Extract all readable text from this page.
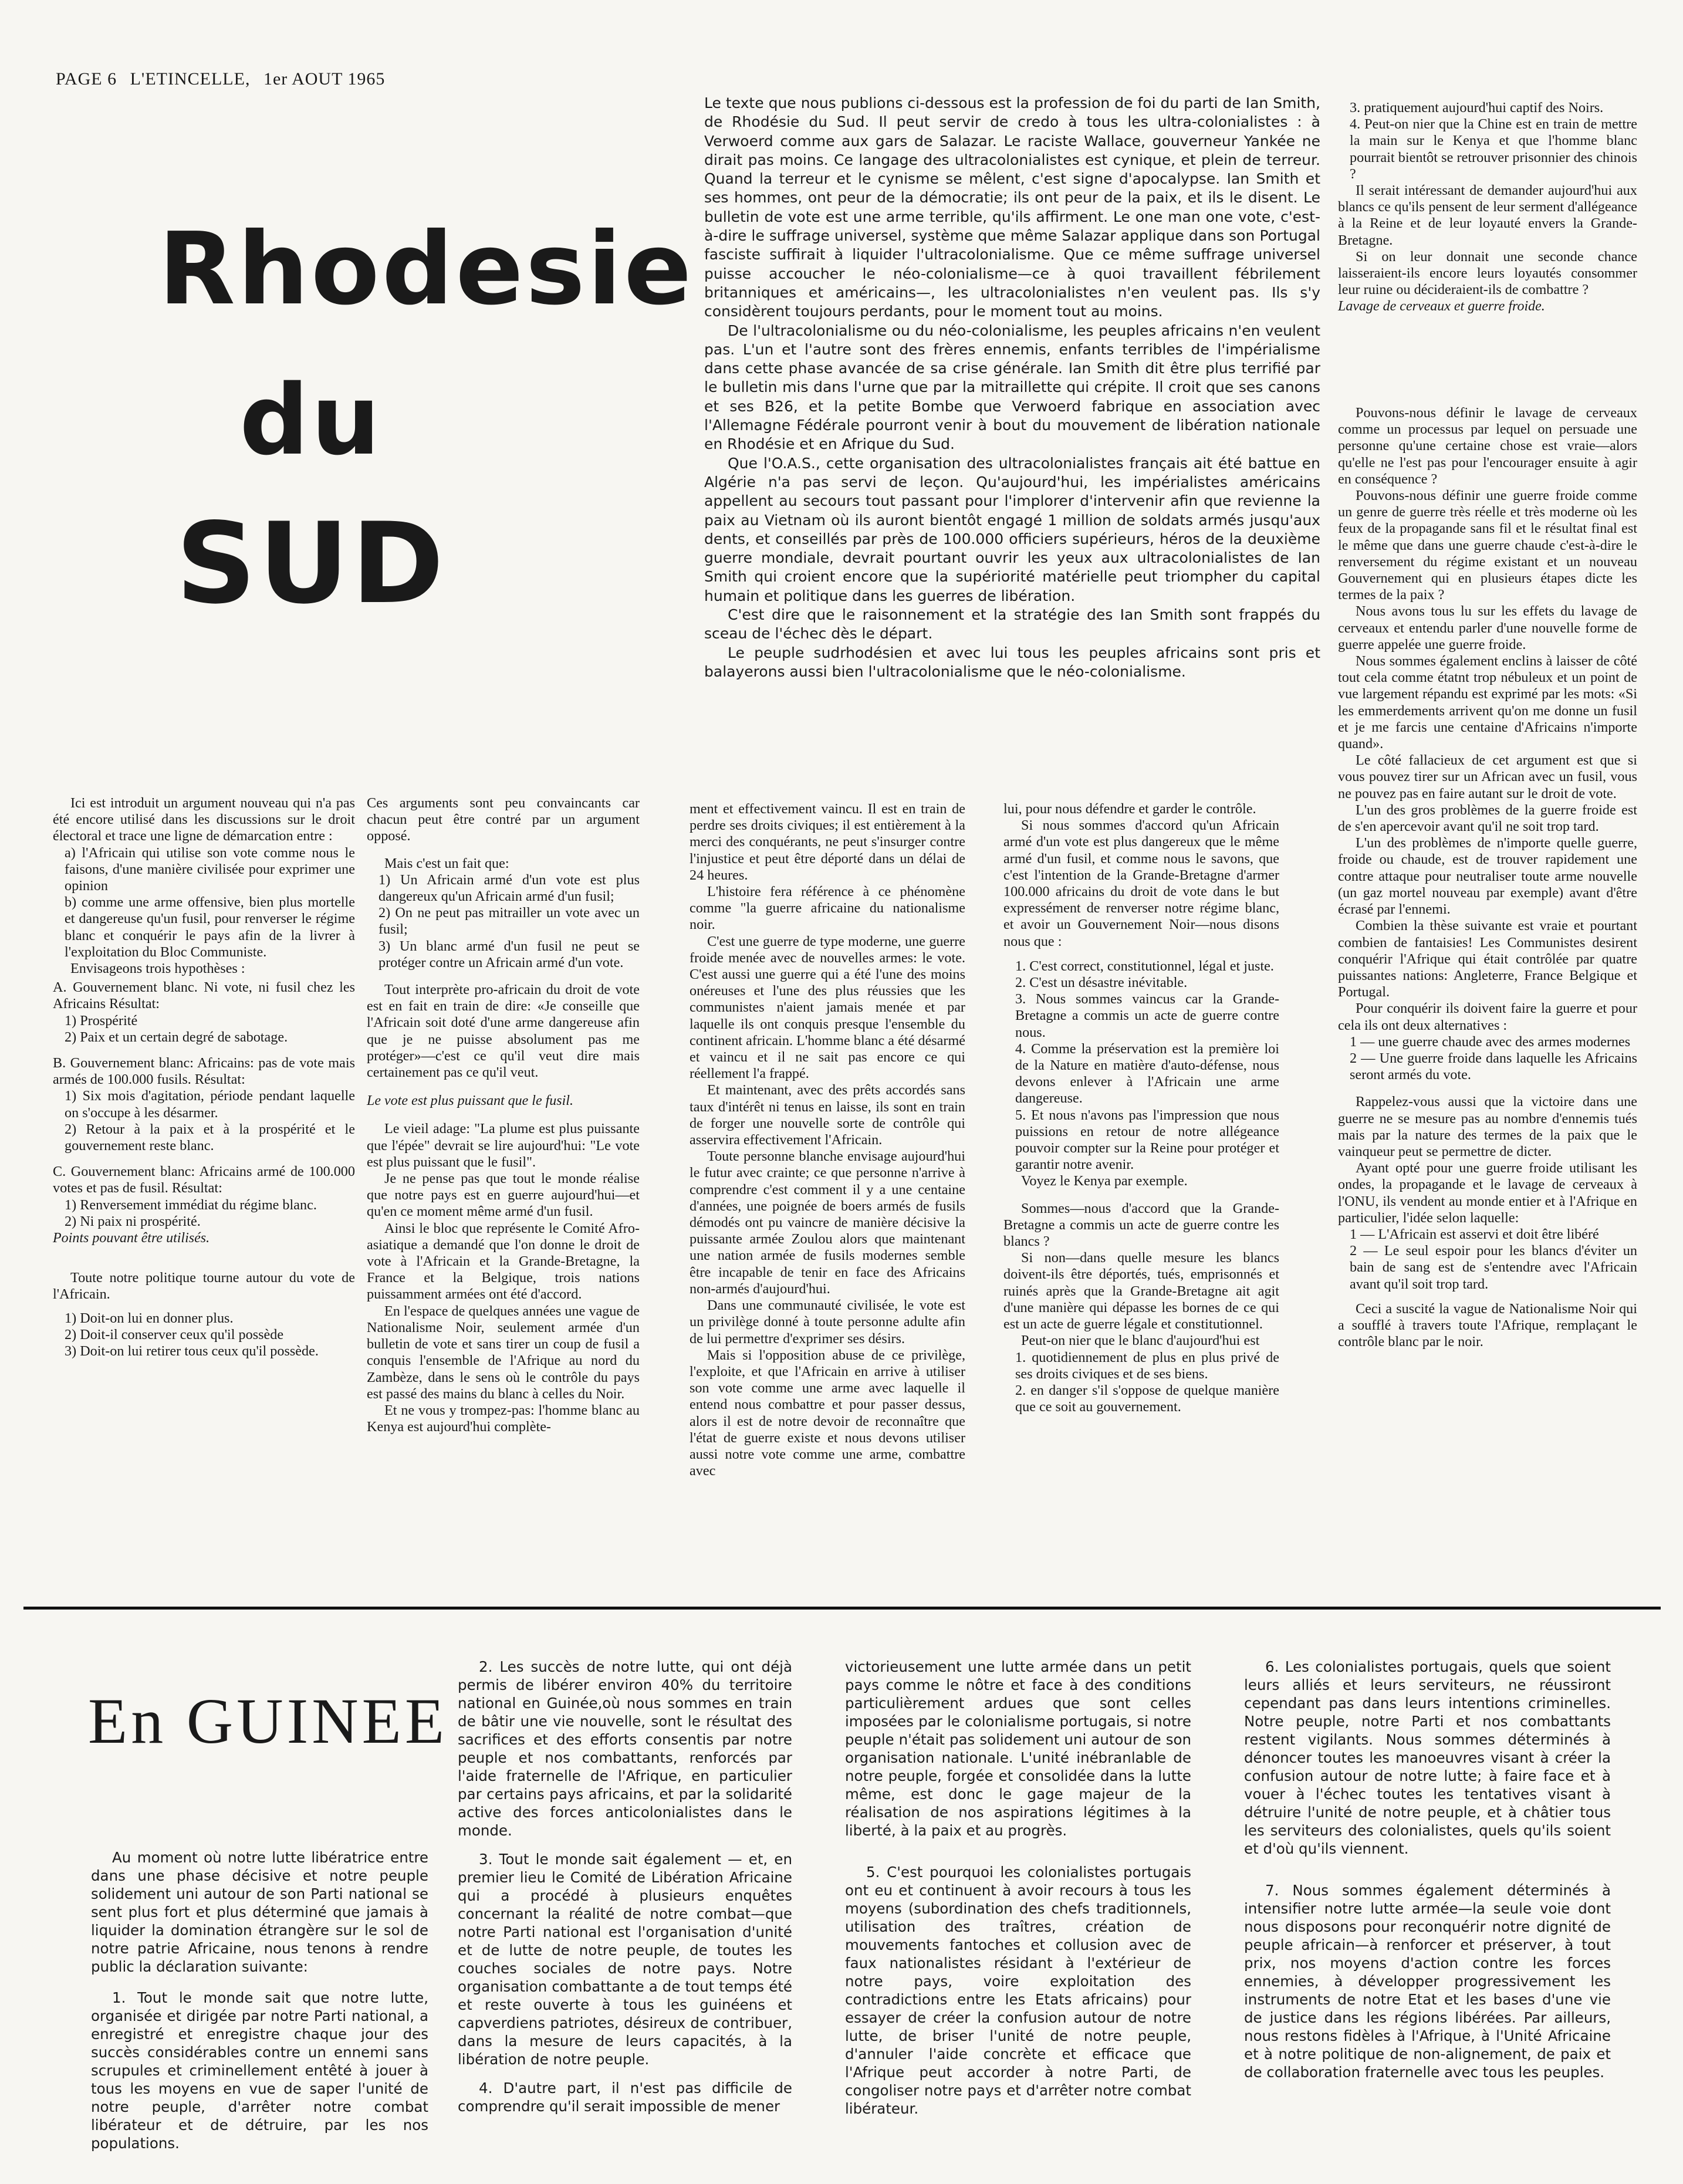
PAGE 6 L'ETINCELLE, 1er AOUT 1965
Rhodesie
du
SUD

Le texte que nous publions ci-dessous est la profession de foi du parti de Ian Smith, de Rhodésie du Sud. Il peut servir de credo à tous les ultra-colonialistes : à Verwoerd comme aux gars de Salazar. Le raciste Wallace, gouverneur Yankée ne dirait pas moins. Ce langage des ultracolonialistes est cynique, et plein de terreur. Quand la terreur et le cynisme se mêlent, c'est signe d'apocalypse. Ian Smith et ses hommes, ont peur de la démocratie; ils ont peur de la paix, et ils le disent. Le bulletin de vote est une arme terrible, qu'ils affirment. Le one man one vote, c'est-à-dire le suffrage universel, système que même Salazar applique dans son Portugal fasciste suffirait à liquider l'ultracolonialisme. Que ce même suffrage universel puisse accoucher le néo-colonialisme—ce à quoi travaillent fébrilement britanniques et américains—, les ultracolonialistes n'en veulent pas. Ils s'y considèrent toujours perdants, pour le moment tout au moins.

De l'ultracolonialisme ou du néo-colonialisme, les peuples africains n'en veulent pas. L'un et l'autre sont des frères ennemis, enfants terribles de l'impérialisme dans cette phase avancée de sa crise générale. Ian Smith dit être plus terrifié par le bulletin mis dans l'urne que par la mitraillette qui crépite. Il croit que ses canons et ses B26, et la petite Bombe que Verwoerd fabrique en association avec l'Allemagne Fédérale pourront venir à bout du mouvement de libération nationale en Rhodésie et en Afrique du Sud.

Que l'O.A.S., cette organisation des ultracolonialistes français ait été battue en Algérie n'a pas servi de leçon. Qu'aujourd'hui, les impérialistes américains appellent au secours tout passant pour l'implorer d'intervenir afin que revienne la paix au Vietnam où ils auront bientôt engagé 1 million de soldats armés jusqu'aux dents, et conseillés par près de 100.000 officiers supérieurs, héros de la deuxième guerre mondiale, devrait pourtant ouvrir les yeux aux ultracolonialistes de Ian Smith qui croient encore que la supériorité matérielle peut triompher du capital humain et politique dans les guerres de libération.

C'est dire que le raisonnement et la stratégie des Ian Smith sont frappés du sceau de l'échec dès le départ.

Le peuple sudrhodésien et avec lui tous les peuples africains sont pris et balayerons aussi bien l'ultracolonialisme que le néo-colonialisme.

Ici est introduit un argument nouveau qui n'a pas été encore utilisé dans les discussions sur le droit électoral et trace une ligne de démarcation entre :

a) l'Africain qui utilise son vote comme nous le faisons, d'une manière civilisée pour exprimer une opinion
b) comme une arme offensive, bien plus mortelle et dangereuse qu'un fusil, pour renverser le régime blanc et conquérir le pays afin de la livrer à l'exploitation du Bloc Communiste.

Envisageons trois hypothèses :

A. Gouvernement blanc. Ni vote, ni fusil chez les Africains Résultat:

1) Prospérité
2) Paix et un certain degré de sabotage.

B. Gouvernement blanc: Africains: pas de vote mais armés de 100.000 fusils. Résultat:

1) Six mois d'agitation, période pendant laquelle on s'occupe à les désarmer.
2) Retour à la paix et à la prospérité et le gouvernement reste blanc.

C. Gouvernement blanc: Africains armé de 100.000 votes et pas de fusil. Résultat:

1) Renversement immédiat du régime blanc.
2) Ni paix ni prospérité.

Points pouvant être utilisés.

Toute notre politique tourne autour du vote de l'Africain.

1) Doit-on lui en donner plus.
2) Doit-il conserver ceux qu'il possède
3) Doit-on lui retirer tous ceux qu'il possède.

Ces arguments sont peu convaincants car chacun peut être contré par un argument opposé.

Mais c'est un fait que:

1) Un Africain armé d'un vote est plus dangereux qu'un Africain armé d'un fusil;
2) On ne peut pas mitrailler un vote avec un fusil;
3) Un blanc armé d'un fusil ne peut se protéger contre un Africain armé d'un vote.

Tout interprète pro-africain du droit de vote est en fait en train de dire: «Je conseille que l'Africain soit doté d'une arme dangereuse afin que je ne puisse absolument pas me protéger»—c'est ce qu'il veut dire mais certainement pas ce qu'il veut.

Le vote est plus puissant que le fusil.

Le vieil adage: "La plume est plus puissante que l'épée" devrait se lire aujourd'hui: "Le vote est plus puissant que le fusil".

Je ne pense pas que tout le monde réalise que notre pays est en guerre aujourd'hui—et qu'en ce moment même armé d'un fusil.

Ainsi le bloc que représente le Comité Afro-asiatique a demandé que l'on donne le droit de vote à l'Africain et la Grande-Bretagne, la France et la Belgique, trois nations puissamment armées ont été d'accord.

En l'espace de quelques années une vague de Nationalisme Noir, seulement armée d'un bulletin de vote et sans tirer un coup de fusil a conquis l'ensemble de l'Afrique au nord du Zambèze, dans le sens où le contrôle du pays est passé des mains du blanc à celles du Noir.

Et ne vous y trompez-pas: l'homme blanc au Kenya est aujourd'hui complète-

ment et effectivement vaincu. Il est en train de perdre ses droits civiques; il est entièrement à la merci des conquérants, ne peut s'insurger contre l'injustice et peut être déporté dans un délai de 24 heures.

L'histoire fera référence à ce phénomène comme "la guerre africaine du nationalisme noir.

C'est une guerre de type moderne, une guerre froide menée avec de nouvelles armes: le vote. C'est aussi une guerre qui a été l'une des moins onéreuses et l'une des plus réussies que les communistes n'aient jamais menée et par laquelle ils ont conquis presque l'ensemble du continent africain. L'homme blanc a été désarmé et vaincu et il ne sait pas encore ce qui réellement l'a frappé.

Et maintenant, avec des prêts accordés sans taux d'intérêt ni tenus en laisse, ils sont en train de forger une nouvelle sorte de contrôle qui asservira effectivement l'Africain.

Toute personne blanche envisage aujourd'hui le futur avec crainte; ce que personne n'arrive à comprendre c'est comment il y a une centaine d'années, une poignée de boers armés de fusils démodés ont pu vaincre de manière décisive la puissante armée Zoulou alors que maintenant une nation armée de fusils modernes semble être incapable de tenir en face des Africains non-armés d'aujourd'hui.

Dans une communauté civilisée, le vote est un privilège donné à toute personne adulte afin de lui permettre d'exprimer ses désirs.

Mais si l'opposition abuse de ce privilège, l'exploite, et que l'Africain en arrive à utiliser son vote comme une arme avec laquelle il entend nous combattre et pour passer dessus, alors il est de notre devoir de reconnaître que l'état de guerre existe et nous devons utiliser aussi notre vote comme une arme, combattre avec

lui, pour nous défendre et garder le contrôle.

Si nous sommes d'accord qu'un Africain armé d'un vote est plus dangereux que le même armé d'un fusil, et comme nous le savons, que c'est l'intention de la Grande-Bretagne d'armer 100.000 africains du droit de vote dans le but expressément de renverser notre régime blanc, et avoir un Gouvernement Noir—nous disons nous que :

1. C'est correct, constitutionnel, légal et juste.
2. C'est un désastre inévitable.
3. Nous sommes vaincus car la Grande-Bretagne a commis un acte de guerre contre nous.
4. Comme la préservation est la première loi de la Nature en matière d'auto-défense, nous devons enlever à l'Africain une arme dangereuse.
5. Et nous n'avons pas l'impression que nous puissions en retour de notre allégeance pouvoir compter sur la Reine pour protéger et garantir notre avenir.

Voyez le Kenya par exemple.

Sommes—nous d'accord que la Grande-Bretagne a commis un acte de guerre contre les blancs ?

Si non—dans quelle mesure les blancs doivent-ils être déportés, tués, emprisonnés et ruinés après que la Grande-Bretagne ait agit d'une manière qui dépasse les bornes de ce qui est un acte de guerre légale et constitutionnel.

Peut-on nier que le blanc d'aujourd'hui est

1. quotidiennement de plus en plus privé de ses droits civiques et de ses biens.
2. en danger s'il s'oppose de quelque manière que ce soit au gouvernement.
3. pratiquement aujourd'hui captif des Noirs.
4. Peut-on nier que la Chine est en train de mettre la main sur le Kenya et que l'homme blanc pourrait bientôt se retrouver prisonnier des chinois ?

Il serait intéressant de demander aujourd'hui aux blancs ce qu'ils pensent de leur serment d'allégeance à la Reine et de leur loyauté envers la Grande-Bretagne.

Si on leur donnait une seconde chance laisseraient-ils encore leurs loyautés consommer leur ruine ou décideraient-ils de combattre ?

Lavage de cerveaux et guerre froide.

Pouvons-nous définir le lavage de cerveaux comme un processus par lequel on persuade une personne qu'une certaine chose est vraie—alors qu'elle ne l'est pas pour l'encourager ensuite à agir en conséquence ?

Pouvons-nous définir une guerre froide comme un genre de guerre très réelle et très moderne où les feux de la propagande sans fil et le résultat final est le même que dans une guerre chaude c'est-à-dire le renversement du régime existant et un nouveau Gouvernement qui en plusieurs étapes dicte les termes de la paix ?

Nous avons tous lu sur les effets du lavage de cerveaux et entendu parler d'une nouvelle forme de guerre appelée une guerre froide.

Nous sommes également enclins à laisser de côté tout cela comme étatnt trop nébuleux et un point de vue largement répandu est exprimé par les mots: «Si les emmerdements arrivent qu'on me donne un fusil et je me farcis une centaine d'Africains n'importe quand».

Le côté fallacieux de cet argument est que si vous pouvez tirer sur un African avec un fusil, vous ne pouvez pas en faire autant sur le droit de vote.

L'un des gros problèmes de la guerre froide est de s'en apercevoir avant qu'il ne soit trop tard.

L'un des problèmes de n'importe quelle guerre, froide ou chaude, est de trouver rapidement une contre attaque pour neutraliser toute arme nouvelle (un gaz mortel nouveau par exemple) avant d'être écrasé par l'ennemi.

Combien la thèse suivante est vraie et pourtant combien de fantaisies! Les Communistes desirent conquérir l'Afrique qui était contrôlée par quatre puissantes nations: Angleterre, France Belgique et Portugal.

Pour conquérir ils doivent faire la guerre et pour cela ils ont deux alternatives :

1 — une guerre chaude avec des armes modernes
2 — Une guerre froide dans laquelle les Africains seront armés du vote.

Rappelez-vous aussi que la victoire dans une guerre ne se mesure pas au nombre d'ennemis tués mais par la nature des termes de la paix que le vainqueur peut se permettre de dicter.

Ayant opté pour une guerre froide utilisant les ondes, la propagande et le lavage de cerveaux à l'ONU, ils vendent au monde entier et à l'Afrique en particulier, l'idée selon laquelle:

1 — L'Africain est asservi et doit être libéré
2 — Le seul espoir pour les blancs d'éviter un bain de sang est de s'entendre avec l'Africain avant qu'il soit trop tard.

Ceci a suscité la vague de Nationalisme Noir qui a soufflé à travers toute l'Afrique, remplaçant le contrôle blanc par le noir.

En GUINEE

Au moment où notre lutte libératrice entre dans une phase décisive et notre peuple solidement uni autour de son Parti national se sent plus fort et plus déterminé que jamais à liquider la domination étrangère sur le sol de notre patrie Africaine, nous tenons à rendre public la déclaration suivante:

1. Tout le monde sait que notre lutte, organisée et dirigée par notre Parti national, a enregistré et enregistre chaque jour des succès considérables contre un ennemi sans scrupules et criminellement entêté à jouer à tous les moyens en vue de saper l'unité de notre peuple, d'arrêter notre combat libérateur et de détruire, par les nos populations.

2. Les succès de notre lutte, qui ont déjà permis de libérer environ 40% du territoire national en Guinée,où nous sommes en train de bâtir une vie nouvelle, sont le résultat des sacrifices et des efforts consentis par notre peuple et nos combattants, renforcés par l'aide fraternelle de l'Afrique, en particulier par certains pays africains, et par la solidarité active des forces anticolonialistes dans le monde.

3. Tout le monde sait également — et, en premier lieu le Comité de Libération Africaine qui a procédé à plusieurs enquêtes concernant la réalité de notre combat—que notre Parti national est l'organisation d'unité et de lutte de notre peuple, de toutes les couches sociales de notre pays. Notre organisation combattante a de tout temps été et reste ouverte à tous les guinéens et capverdiens patriotes, désireux de contribuer, dans la mesure de leurs capacités, à la libération de notre peuple.

4. D'autre part, il n'est pas difficile de comprendre qu'il serait impossible de mener

victorieusement une lutte armée dans un petit pays comme le nôtre et face à des conditions particulièrement ardues que sont celles imposées par le colonialisme portugais, si notre peuple n'était pas solidement uni autour de son organisation nationale. L'unité inébranlable de notre peuple, forgée et consolidée dans la lutte même, est donc le gage majeur de la réalisation de nos aspirations légitimes à la liberté, à la paix et au progrès.

5. C'est pourquoi les colonialistes portugais ont eu et continuent à avoir recours à tous les moyens (subordination des chefs traditionnels, utilisation des traîtres, création de mouvements fantoches et collusion avec de faux nationalistes résidant à l'extérieur de notre pays, voire exploitation des contradictions entre les Etats africains) pour essayer de créer la confusion autour de notre lutte, de briser l'unité de notre peuple, d'annuler l'aide concrète et efficace que l'Afrique peut accorder à notre Parti, de congoliser notre pays et d'arrêter notre combat libérateur.

6. Les colonialistes portugais, quels que soient leurs alliés et leurs serviteurs, ne réussiront cependant pas dans leurs intentions criminelles. Notre peuple, notre Parti et nos combattants restent vigilants. Nous sommes déterminés à dénoncer toutes les manoeuvres visant à créer la confusion autour de notre lutte; à faire face et à vouer à l'échec toutes les tentatives visant à détruire l'unité de notre peuple, et à châtier tous les serviteurs des colonialistes, quels qu'ils soient et d'où qu'ils viennent.

7. Nous sommes également déterminés à intensifier notre lutte armée—la seule voie dont nous disposons pour reconquérir notre dignité de peuple africain—à renforcer et préserver, à tout prix, nos moyens d'action contre les forces ennemies, à développer progressivement les instruments de notre Etat et les bases d'une vie de justice dans les régions libérées. Par ailleurs, nous restons fidèles à l'Afrique, à l'Unité Africaine et à notre politique de non-alignement, de paix et de collaboration fraternelle avec tous les peuples.
